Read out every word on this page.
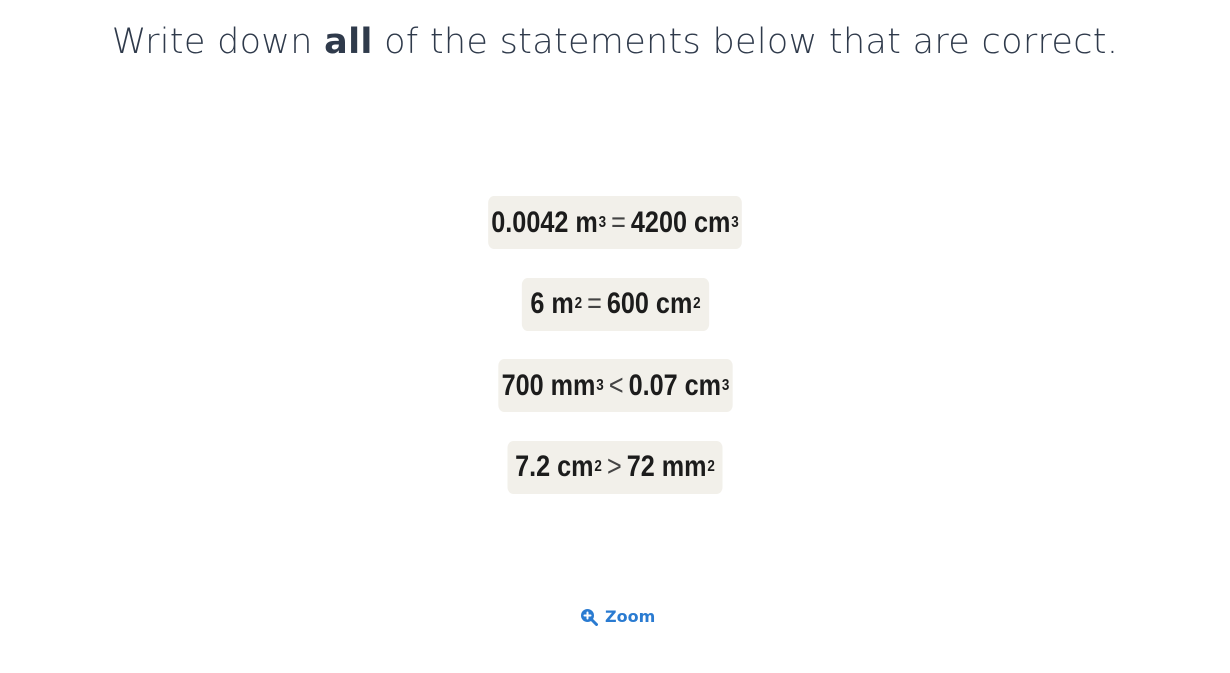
Write down all of the statements below that are correct.
0.0042 m 3 = 4200 cm 3
6 m 2 = 600 cm 2
700 mm 3 < 0.07 cm 3
7.2 cm 2 > 72 mm 2
Zoom
